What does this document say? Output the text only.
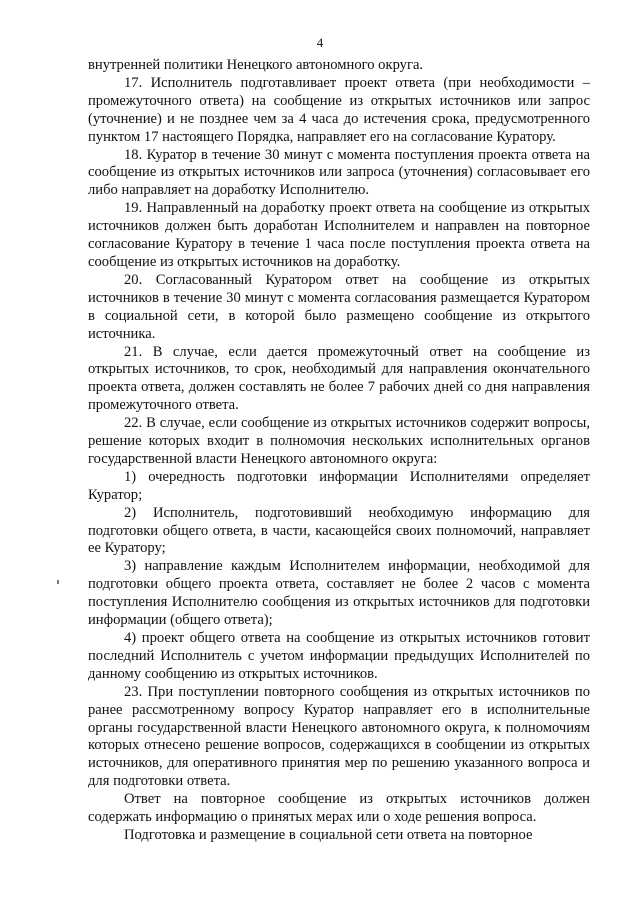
4

внутренней политики Ненецкого автономного округа.

17. Исполнитель подготавливает проект ответа (при необходимости – промежуточного ответа) на сообщение из открытых источников или запрос (уточнение) и не позднее чем за 4 часа до истечения срока, предусмотренного пунктом 17 настоящего Порядка, направляет его на согласование Куратору.

18. Куратор в течение 30 минут с момента поступления проекта ответа на сообщение из открытых источников или запроса (уточнения) согласовывает его либо направляет на доработку Исполнителю.

19. Направленный на доработку проект ответа на сообщение из открытых источников должен быть доработан Исполнителем и направлен на повторное согласование Куратору в течение 1 часа после поступления проекта ответа на сообщение из открытых источников на доработку.

20. Согласованный Куратором ответ на сообщение из открытых источников в течение 30 минут с момента согласования размещается Куратором в социальной сети, в которой было размещено сообщение из открытого источника.

21. В случае, если дается промежуточный ответ на сообщение из открытых источников, то срок, необходимый для направления окончательного проекта ответа, должен составлять не более 7 рабочих дней со дня направления промежуточного ответа.

22. В случае, если сообщение из открытых источников содержит вопросы, решение которых входит в полномочия нескольких исполнительных органов государственной власти Ненецкого автономного округа:

1) очередность подготовки информации Исполнителями определяет Куратор;

2) Исполнитель, подготовивший необходимую информацию для подготовки общего ответа, в части, касающейся своих полномочий, направляет ее Куратору;

3) направление каждым Исполнителем информации, необходимой для подготовки общего проекта ответа, составляет не более 2 часов с момента поступления Исполнителю сообщения из открытых источников для подготовки информации (общего ответа);

4) проект общего ответа на сообщение из открытых источников готовит последний Исполнитель с учетом информации предыдущих Исполнителей по данному сообщению из открытых источников.

23. При поступлении повторного сообщения из открытых источников по ранее рассмотренному вопросу Куратор направляет его в исполнительные органы государственной власти Ненецкого автономного округа, к полномочиям которых отнесено решение вопросов, содержащихся в сообщении из открытых источников, для оперативного принятия мер по решению указанного вопроса и для подготовки ответа.

Ответ на повторное сообщение из открытых источников должен содержать информацию о принятых мерах или о ходе решения вопроса.

Подготовка и размещение в социальной сети ответа на повторное
